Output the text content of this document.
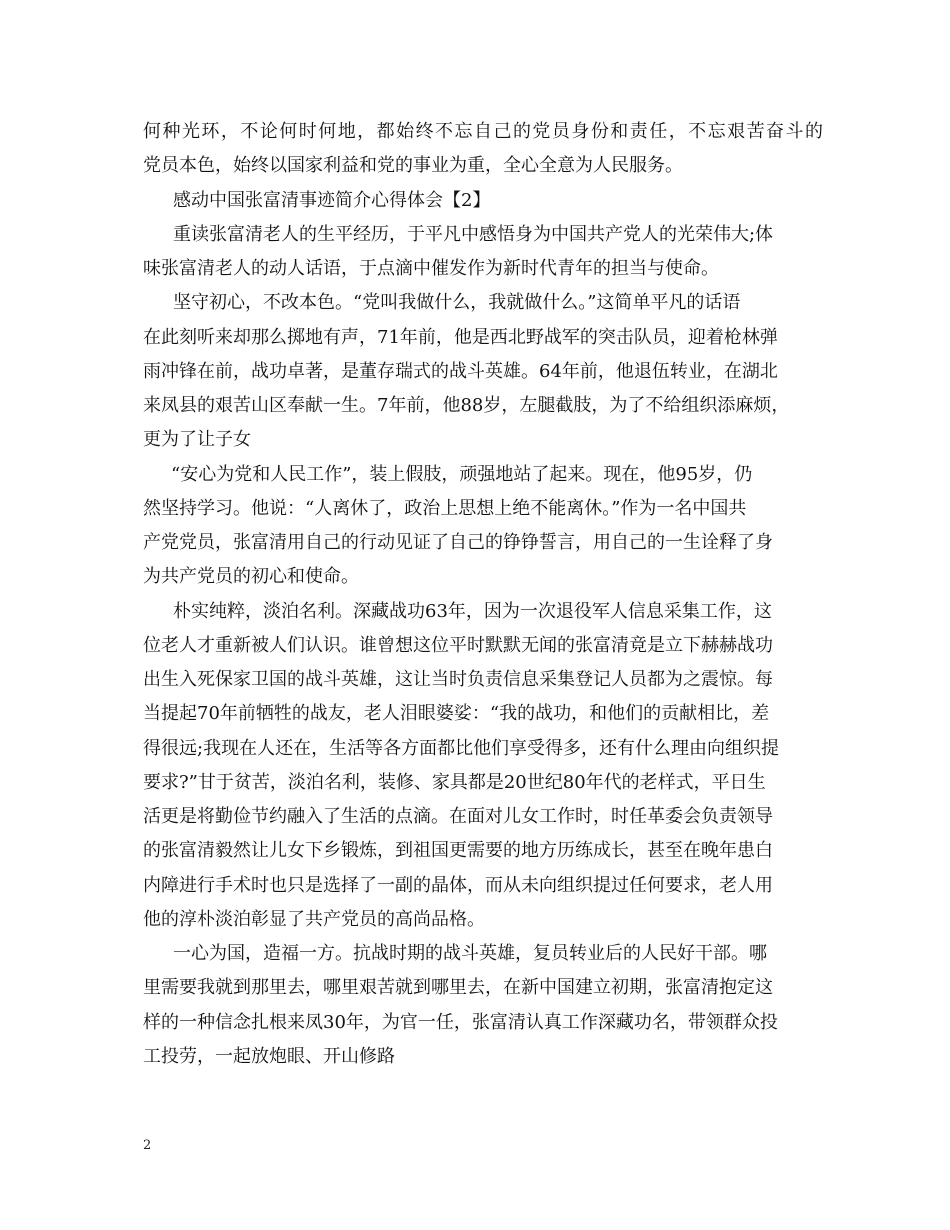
何种光环，不论何时何地，都始终不忘自己的党员身份和责任，不忘艰苦奋斗的
党员本色，始终以国家利益和党的事业为重，全心全意为人民服务。
感动中国张富清事迹简介心得体会【2】
重读张富清老人的生平经历，于平凡中感悟身为中国共产党人的光荣伟大;体
味张富清老人的动人话语，于点滴中催发作为新时代青年的担当与使命。
坚守初心，不改本色。“党叫我做什么，我就做什么。”这简单平凡的话语
在此刻听来却那么掷地有声，71年前，他是西北野战军的突击队员，迎着枪林弹
雨冲锋在前，战功卓著，是董存瑞式的战斗英雄。64年前，他退伍转业，在湖北
来凤县的艰苦山区奉献一生。7年前，他88岁，左腿截肢，为了不给组织添麻烦，
更为了让子女
“安心为党和人民工作”，装上假肢，顽强地站了起来。现在，他95岁，仍
然坚持学习。他说：“人离休了，政治上思想上绝不能离休。”作为一名中国共
产党党员，张富清用自己的行动见证了自己的铮铮誓言，用自己的一生诠释了身
为共产党员的初心和使命。
朴实纯粹，淡泊名利。深藏战功63年，因为一次退役军人信息采集工作，这
位老人才重新被人们认识。谁曾想这位平时默默无闻的张富清竟是立下赫赫战功
出生入死保家卫国的战斗英雄，这让当时负责信息采集登记人员都为之震惊。每
当提起70年前牺牲的战友，老人泪眼婆娑：“我的战功，和他们的贡献相比，差
得很远;我现在人还在，生活等各方面都比他们享受得多，还有什么理由向组织提
要求?”甘于贫苦，淡泊名利，装修、家具都是20世纪80年代的老样式，平日生
活更是将勤俭节约融入了生活的点滴。在面对儿女工作时，时任革委会负责领导
的张富清毅然让儿女下乡锻炼，到祖国更需要的地方历练成长，甚至在晚年患白
内障进行手术时也只是选择了一副的晶体，而从未向组织提过任何要求，老人用
他的淳朴淡泊彰显了共产党员的高尚品格。
一心为国，造福一方。抗战时期的战斗英雄，复员转业后的人民好干部。哪
里需要我就到那里去，哪里艰苦就到哪里去，在新中国建立初期，张富清抱定这
样的一种信念扎根来凤30年，为官一任，张富清认真工作深藏功名，带领群众投
工投劳，一起放炮眼、开山修路
2
